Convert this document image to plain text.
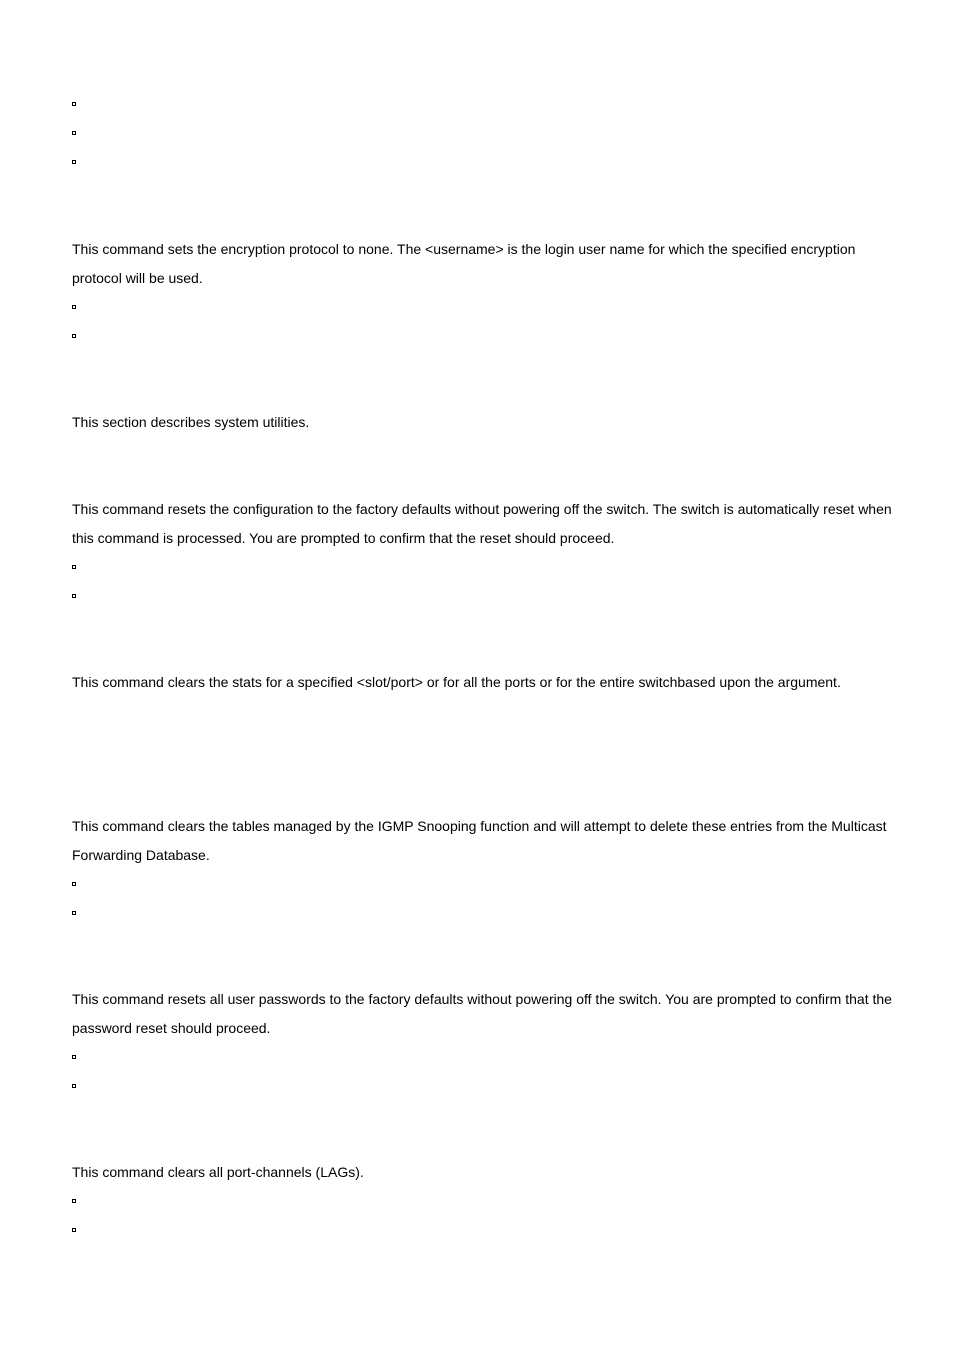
This command sets the encryption protocol to none. The <username> is the login user name for which the specified encryption protocol will be used.

This section describes system utilities.

This command resets the configuration to the factory defaults without powering off the switch. The switch is automatically reset when this command is processed. You are prompted to confirm that the reset should proceed.

This command clears the stats for a specified <slot/port> or for all the ports or for the entire switchbased upon the argument.

This command clears the tables managed by the IGMP Snooping function and will attempt to delete these entries from the Multicast Forwarding Database.

This command resets all user passwords to the factory defaults without powering off the switch. You are prompted to confirm that the password reset should proceed.

This command clears all port-channels (LAGs).
